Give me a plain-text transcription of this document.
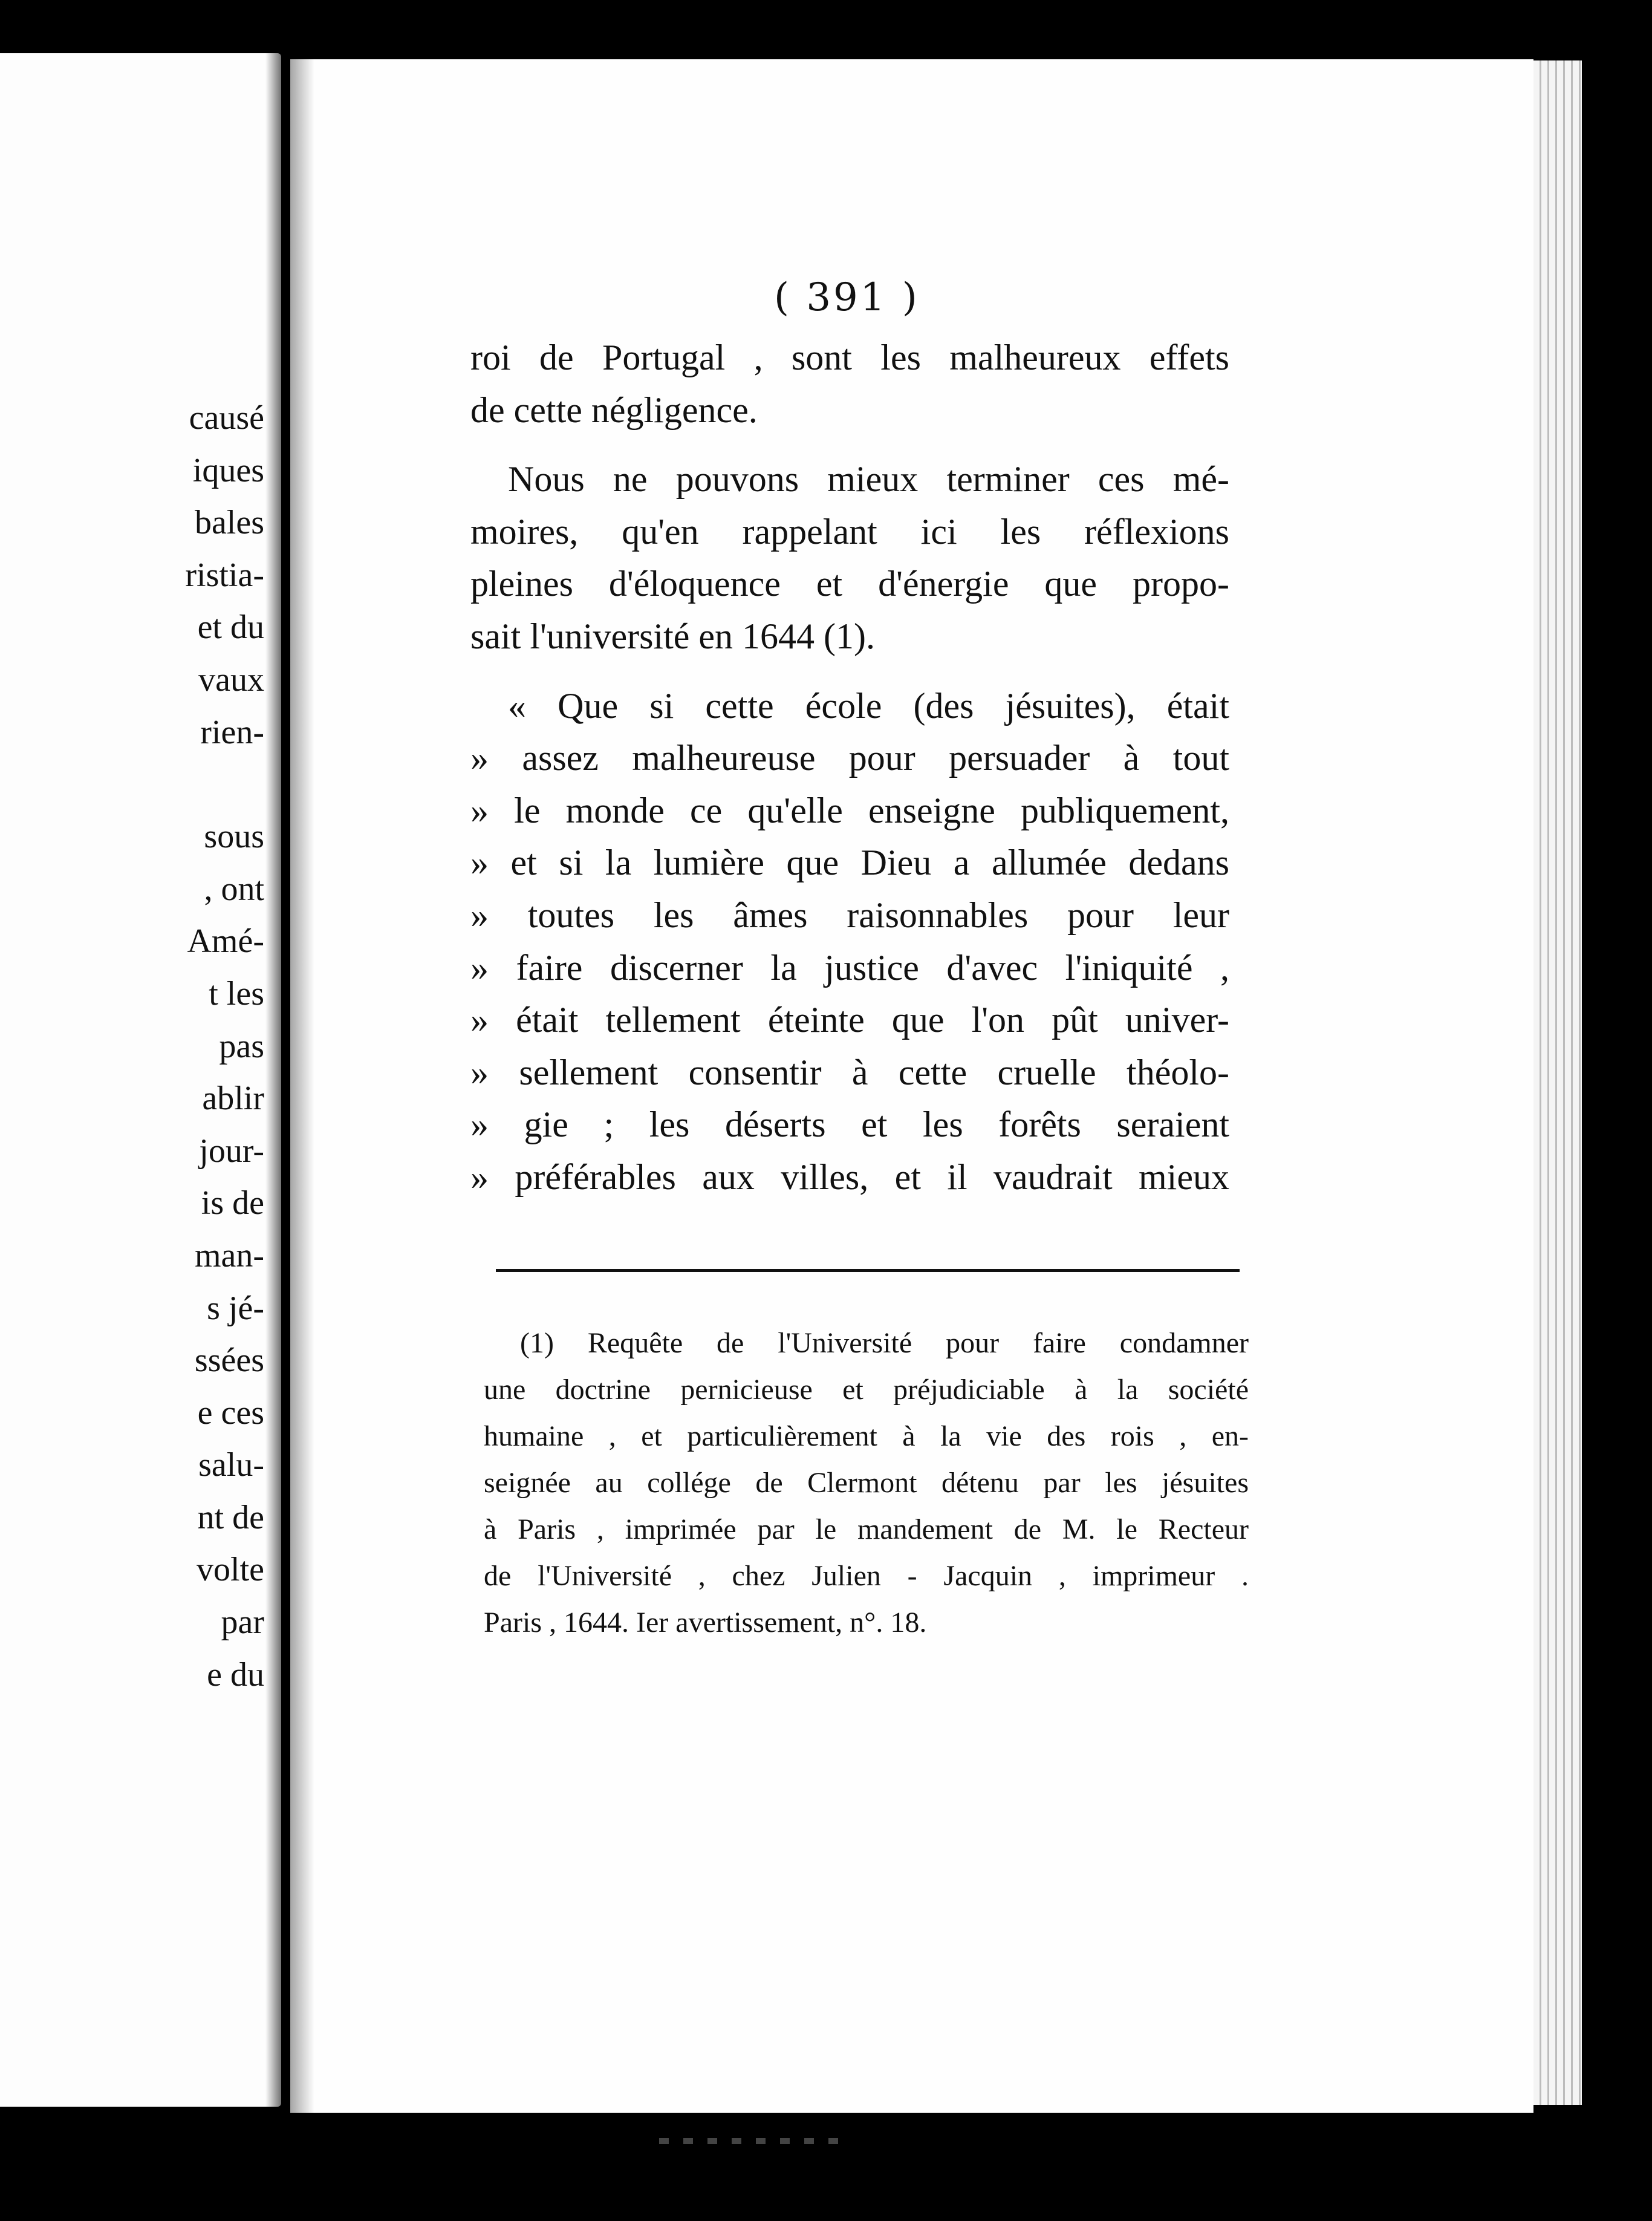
causé
iques
bales
ristia-
et du
vaux
rien-
sous
, ont
Amé-
t les
pas
ablir
jour-
is de
man-
s jé-
ssées
e ces
salu-
nt de
volte
par
e du
( 391 )
roi de Portugal , sont les malheureux effets
de cette négligence.
Nous ne pouvons mieux terminer ces mé-
moires, qu'en rappelant ici les réflexions
pleines d'éloquence et d'énergie que propo-
sait l'université en 1644 (1).
« Que si cette école (des jésuites), était
» assez malheureuse pour persuader à tout
» le monde ce qu'elle enseigne publiquement,
» et si la lumière que Dieu a allumée dedans
» toutes les âmes raisonnables pour leur
» faire discerner la justice d'avec l'iniquité ,
» était tellement éteinte que l'on pût univer-
» sellement consentir à cette cruelle théolo-
» gie ; les déserts et les forêts seraient
» préférables aux villes, et il vaudrait mieux
(1) Requête de l'Université pour faire condamner
une doctrine pernicieuse et préjudiciable à la société
humaine , et particulièrement à la vie des rois , en-
seignée au collége de Clermont détenu par les jésuites
à Paris , imprimée par le mandement de M. le Recteur
de l'Université , chez Julien - Jacquin , imprimeur .
Paris , 1644. Ier avertissement, n°. 18.
